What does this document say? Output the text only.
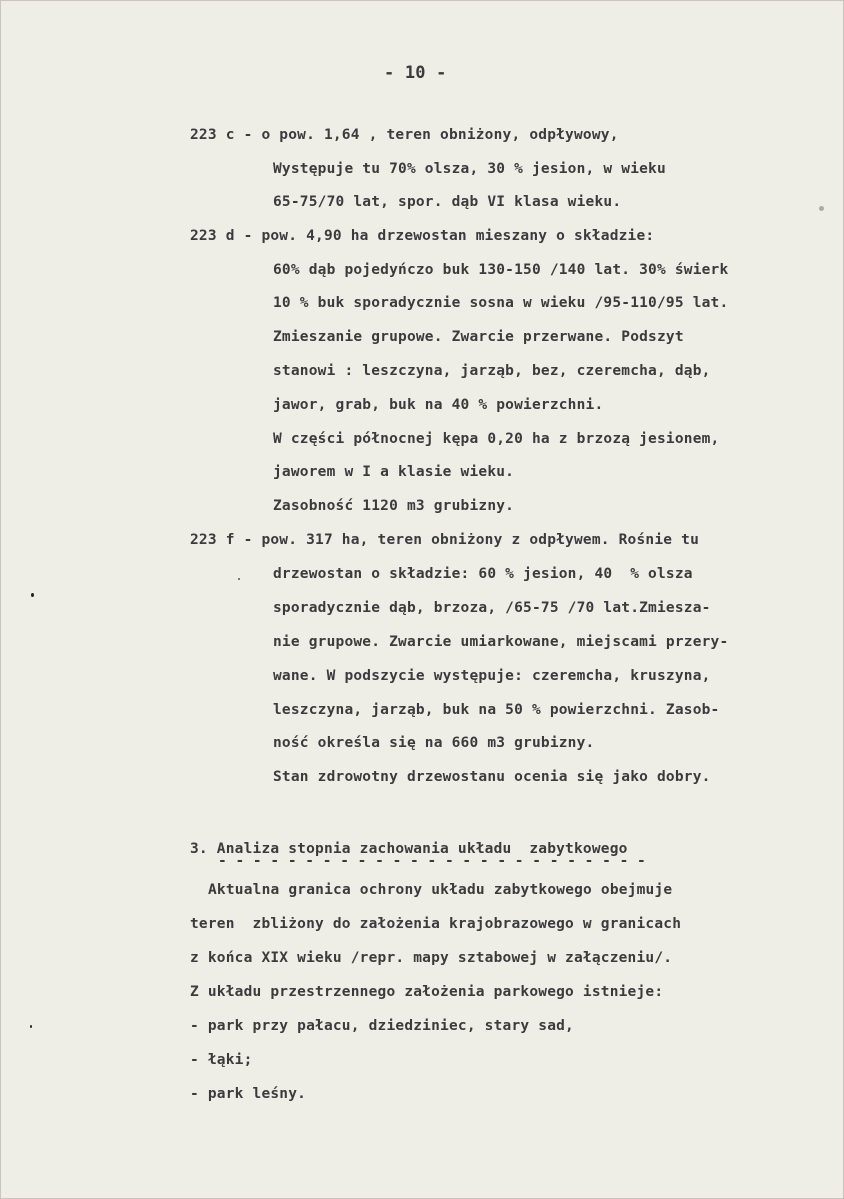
- 10 -
223 c - o pow. 1,64 , teren obniżony, odpływowy,
Występuje tu 70% olsza, 30 % jesion, w wieku
65-75/70 lat, spor. dąb VI klasa wieku.
223 d - pow. 4,90 ha drzewostan mieszany o składzie:
60% dąb pojedyńczo buk 130-150 /140 lat. 30% świerk
10 % buk sporadycznie sosna w wieku /95-110/95 lat.
Zmieszanie grupowe. Zwarcie przerwane. Podszyt
stanowi : leszczyna, jarząb, bez, czeremcha, dąb,
jawor, grab, buk na 40 % powierzchni.
W części północnej kępa 0,20 ha z brzozą jesionem,
jaworem w I a klasie wieku.
Zasobność 1120 m3 grubizny.
223 f - pow. 317 ha, teren obniżony z odpływem. Rośnie tu
drzewostan o składzie: 60 % jesion, 40  % olsza
sporadycznie dąb, brzoza, /65-75 /70 lat.Zmiesza-
nie grupowe. Zwarcie umiarkowane, miejscami przery-
wane. W podszycie występuje: czeremcha, kruszyna,
leszczyna, jarząb, buk na 50 % powierzchni. Zasob-
ność określa się na 660 m3 grubizny.
Stan zdrowotny drzewostanu ocenia się jako dobry.
3. Analiza stopnia zachowania układu  zabytkowego
- - - - - - - - - - - - - - - - - - - - - - - - -
Aktualna granica ochrony układu zabytkowego obejmuje
teren  zbliżony do założenia krajobrazowego w granicach
z końca XIX wieku /repr. mapy sztabowej w załączeniu/.
Z układu przestrzennego założenia parkowego istnieje:
- park przy pałacu, dziedziniec, stary sad,
- łąki;
- park leśny.
